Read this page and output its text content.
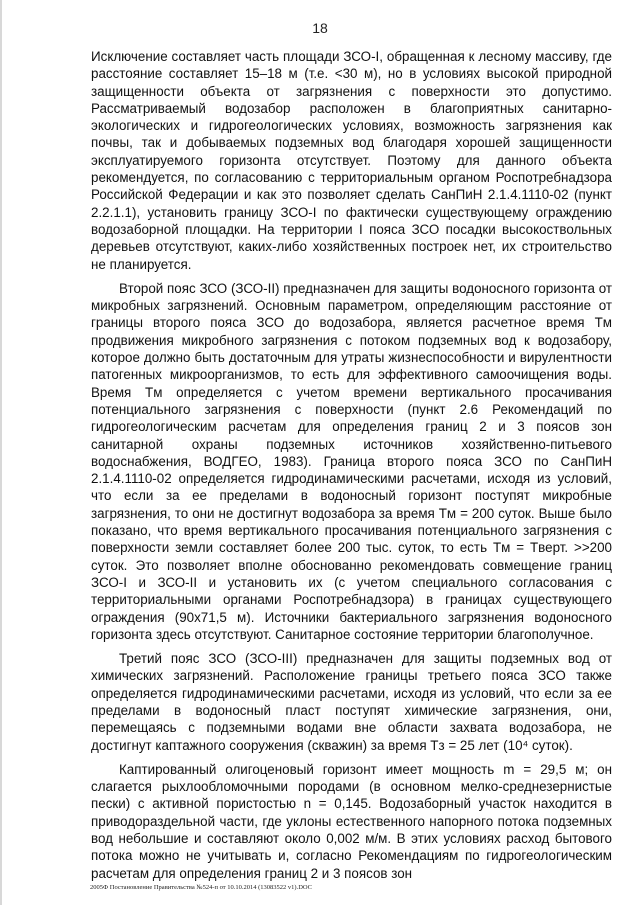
18

Исключение составляет часть площади ЗСО-I, обращенная к лесному массиву, где расстояние составляет 15–18 м (т.е. <30 м), но в условиях высокой природной защищенности объекта от загрязнения с поверхности это допустимо. Рассматриваемый водозабор расположен в благоприятных санитарно-экологических и гидрогеологических условиях, возможность загрязнения как почвы, так и добываемых подземных вод благодаря хорошей защищенности эксплуатируемого горизонта отсутствует. Поэтому для данного объекта рекомендуется, по согласованию с территориальным органом Роспотребнадзора Российской Федерации и как это позволяет сделать СанПиН 2.1.4.1110-02 (пункт 2.2.1.1), установить границу ЗСО-I по фактически существующему ограждению водозаборной площадки. На территории I пояса ЗСО посадки высокоствольных деревьев отсутствуют, каких-либо хозяйственных построек нет, их строительство не планируется.

Второй пояс ЗСО (ЗСО-II) предназначен для защиты водоносного горизонта от микробных загрязнений. Основным параметром, определяющим расстояние от границы второго пояса ЗСО до водозабора, является расчетное время Tм продвижения микробного загрязнения с потоком подземных вод к водозабору, которое должно быть достаточным для утраты жизнеспособности и вирулентности патогенных микроорганизмов, то есть для эффективного самоочищения воды. Время Tм определяется с учетом времени вертикального просачивания потенциального загрязнения с поверхности (пункт 2.6 Рекомендаций по гидрогеологическим расчетам для определения границ 2 и 3 поясов зон санитарной охраны подземных источников хозяйственно-питьевого водоснабжения, ВОДГЕО, 1983). Граница второго пояса ЗСО по СанПиН 2.1.4.1110-02 определяется гидродинамическими расчетами, исходя из условий, что если за ее пределами в водоносный горизонт поступят микробные загрязнения, то они не достигнут водозабора за время Tм = 200 суток. Выше было показано, что время вертикального просачивания потенциального загрязнения с поверхности земли составляет более 200 тыс. суток, то есть Tм = Tверт. >>200 суток. Это позволяет вполне обоснованно рекомендовать совмещение границ ЗСО-I и ЗСО-II и установить их (с учетом специального согласования с территориальными органами Роспотребнадзора) в границах существующего ограждения (90x71,5 м). Источники бактериального загрязнения водоносного горизонта здесь отсутствуют. Санитарное состояние территории благополучное.

Третий пояс ЗСО (ЗСО-III) предназначен для защиты подземных вод от химических загрязнений. Расположение границы третьего пояса ЗСО также определяется гидродинамическими расчетами, исходя из условий, что если за ее пределами в водоносный пласт поступят химические загрязнения, они, перемещаясь с подземными водами вне области захвата водозабора, не достигнут каптажного сооружения (скважин) за время Tз = 25 лет (10⁴ суток).

Каптированный олигоценовый горизонт имеет мощность m = 29,5 м; он слагается рыхлообломочными породами (в основном мелко-среднезернистые пески) с активной пористостью n = 0,145. Водозаборный участок находится в приводораздельной части, где уклоны естественного напорного потока подземных вод небольшие и составляют около 0,002 м/м. В этих условиях расход бытового потока можно не учитывать и, согласно Рекомендациям по гидрогеологическим расчетам для определения границ 2 и 3 поясов зон

2005Ф Постановление Правительства №524-п от 10.10.2014 (13083522 v1).DOC
